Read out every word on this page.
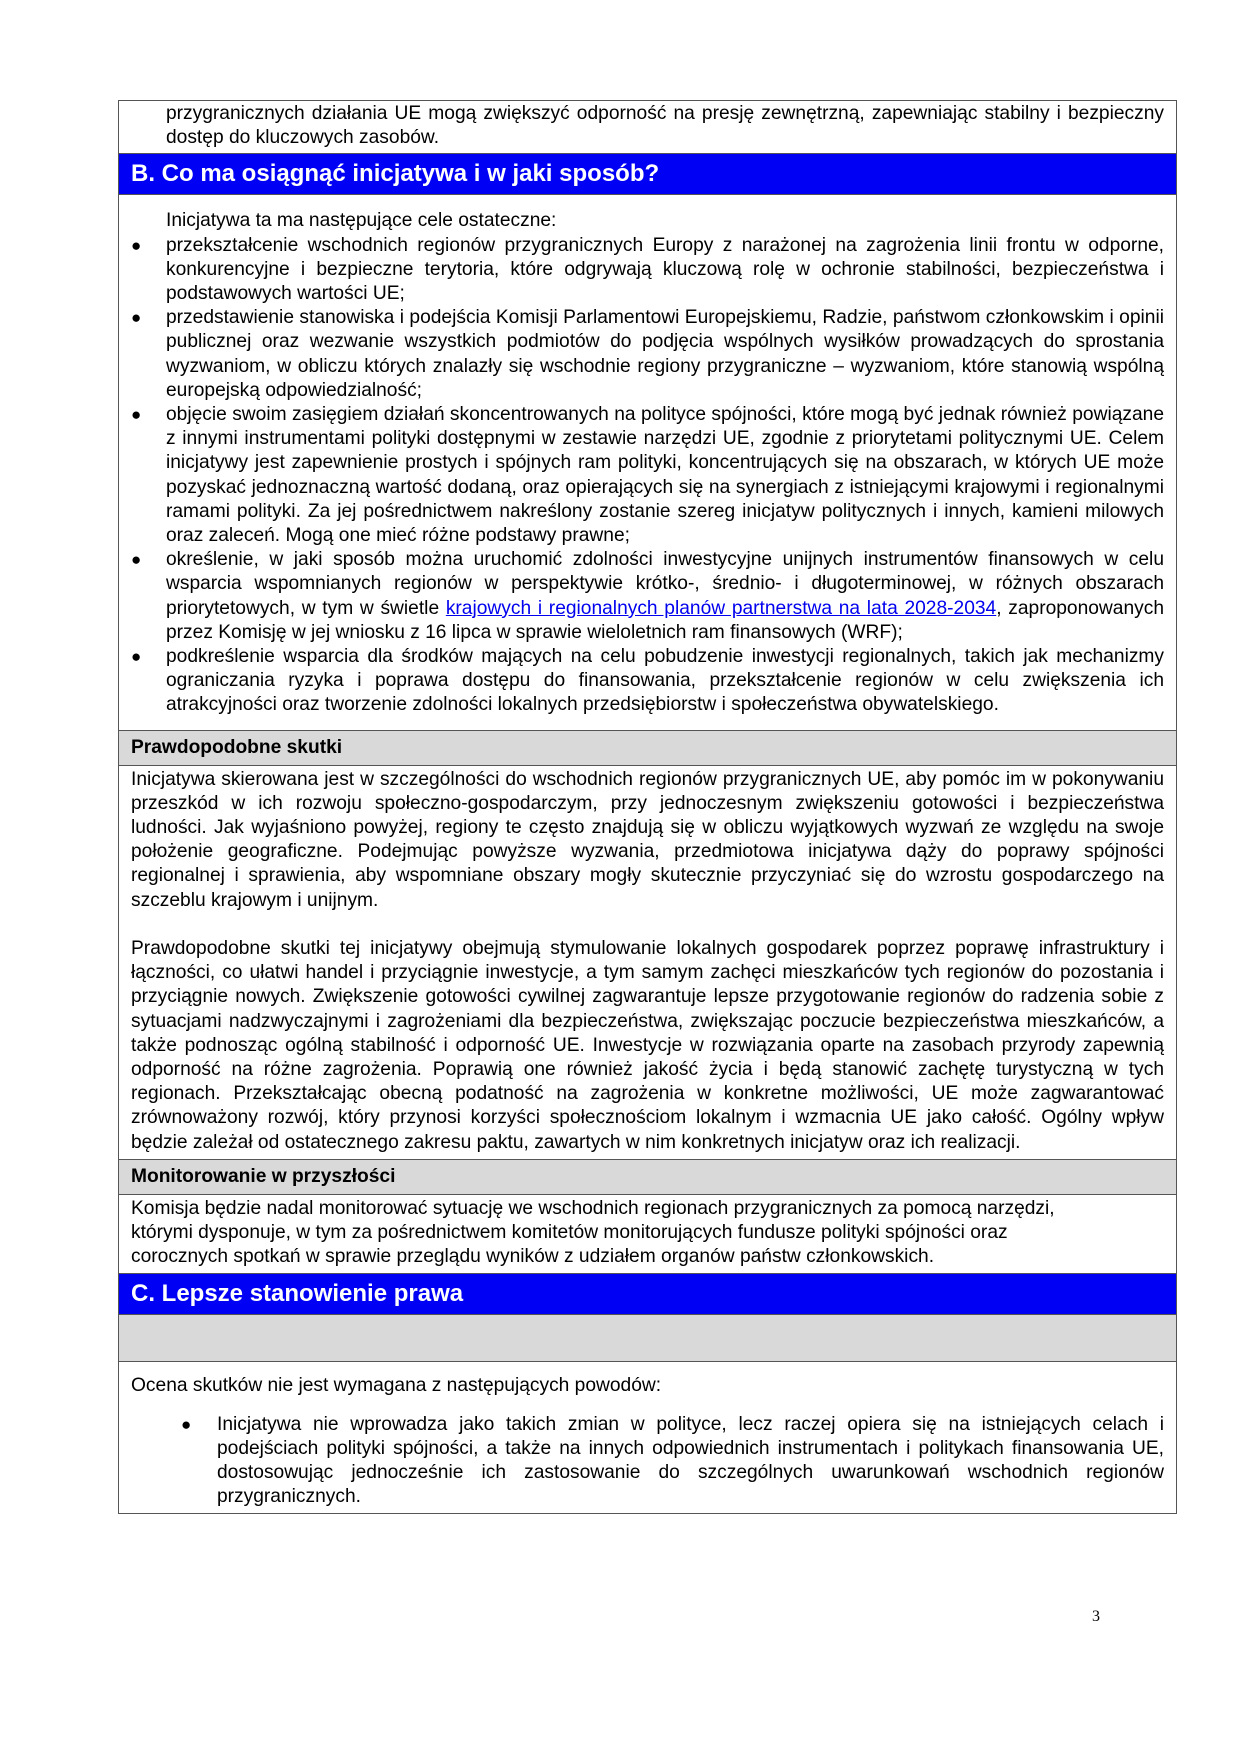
przygranicznych działania UE mogą zwiększyć odporność na presję zewnętrzną, zapewniając stabilny i bezpieczny dostęp do kluczowych zasobów.
B. Co ma osiągnąć inicjatywa i w jaki sposób?
Inicjatywa ta ma następujące cele ostateczne:
● przekształcenie wschodnich regionów przygranicznych Europy z narażonej na zagrożenia linii frontu w odporne, konkurencyjne i bezpieczne terytoria, które odgrywają kluczową rolę w ochronie stabilności, bezpieczeństwa i podstawowych wartości UE;
● przedstawienie stanowiska i podejścia Komisji Parlamentowi Europejskiemu, Radzie, państwom członkowskim i opinii publicznej oraz wezwanie wszystkich podmiotów do podjęcia wspólnych wysiłków prowadzących do sprostania wyzwaniom, w obliczu których znalazły się wschodnie regiony przygraniczne – wyzwaniom, które stanowią wspólną europejską odpowiedzialność;
● objęcie swoim zasięgiem działań skoncentrowanych na polityce spójności, które mogą być jednak również powiązane z innymi instrumentami polityki dostępnymi w zestawie narzędzi UE, zgodnie z priorytetami politycznymi UE. Celem inicjatywy jest zapewnienie prostych i spójnych ram polityki, koncentrujących się na obszarach, w których UE może pozyskać jednoznaczną wartość dodaną, oraz opierających się na synergiach z istniejącymi krajowymi i regionalnymi ramami polityki. Za jej pośrednictwem nakreślony zostanie szereg inicjatyw politycznych i innych, kamieni milowych oraz zaleceń. Mogą one mieć różne podstawy prawne;
● określenie, w jaki sposób można uruchomić zdolności inwestycyjne unijnych instrumentów finansowych w celu wsparcia wspomnianych regionów w perspektywie krótko-, średnio- i długoterminowej, w różnych obszarach priorytetowych, w tym w świetle krajowych i regionalnych planów partnerstwa na lata 2028-2034, zaproponowanych przez Komisję w jej wniosku z 16 lipca w sprawie wieloletnich ram finansowych (WRF);
● podkreślenie wsparcia dla środków mających na celu pobudzenie inwestycji regionalnych, takich jak mechanizmy ograniczania ryzyka i poprawa dostępu do finansowania, przekształcenie regionów w celu zwiększenia ich atrakcyjności oraz tworzenie zdolności lokalnych przedsiębiorstw i społeczeństwa obywatelskiego.
Prawdopodobne skutki
Inicjatywa skierowana jest w szczególności do wschodnich regionów przygranicznych UE, aby pomóc im w pokonywaniu przeszkód w ich rozwoju społeczno-gospodarczym, przy jednoczesnym zwiększeniu gotowości i bezpieczeństwa ludności. Jak wyjaśniono powyżej, regiony te często znajdują się w obliczu wyjątkowych wyzwań ze względu na swoje położenie geograficzne. Podejmując powyższe wyzwania, przedmiotowa inicjatywa dąży do poprawy spójności regionalnej i sprawienia, aby wspomniane obszary mogły skutecznie przyczyniać się do wzrostu gospodarczego na szczeblu krajowym i unijnym.
Prawdopodobne skutki tej inicjatywy obejmują stymulowanie lokalnych gospodarek poprzez poprawę infrastruktury i łączności, co ułatwi handel i przyciągnie inwestycje, a tym samym zachęci mieszkańców tych regionów do pozostania i przyciągnie nowych. Zwiększenie gotowości cywilnej zagwarantuje lepsze przygotowanie regionów do radzenia sobie z sytuacjami nadzwyczajnymi i zagrożeniami dla bezpieczeństwa, zwiększając poczucie bezpieczeństwa mieszkańców, a także podnosząc ogólną stabilność i odporność UE. Inwestycje w rozwiązania oparte na zasobach przyrody zapewnią odporność na różne zagrożenia. Poprawią one również jakość życia i będą stanowić zachętę turystyczną w tych regionach. Przekształcając obecną podatność na zagrożenia w konkretne możliwości, UE może zagwarantować zrównoważony rozwój, który przynosi korzyści społecznościom lokalnym i wzmacnia UE jako całość. Ogólny wpływ będzie zależał od ostatecznego zakresu paktu, zawartych w nim konkretnych inicjatyw oraz ich realizacji.
Monitorowanie w przyszłości
Komisja będzie nadal monitorować sytuację we wschodnich regionach przygranicznych za pomocą narzędzi,
którymi dysponuje, w tym za pośrednictwem komitetów monitorujących fundusze polityki spójności oraz
corocznych spotkań w sprawie przeglądu wyników z udziałem organów państw członkowskich.
C. Lepsze stanowienie prawa
Ocena skutków nie jest wymagana z następujących powodów:
● Inicjatywa nie wprowadza jako takich zmian w polityce, lecz raczej opiera się na istniejących celach i podejściach polityki spójności, a także na innych odpowiednich instrumentach i politykach finansowania UE, dostosowując jednocześnie ich zastosowanie do szczególnych uwarunkowań wschodnich regionów przygranicznych.
3
